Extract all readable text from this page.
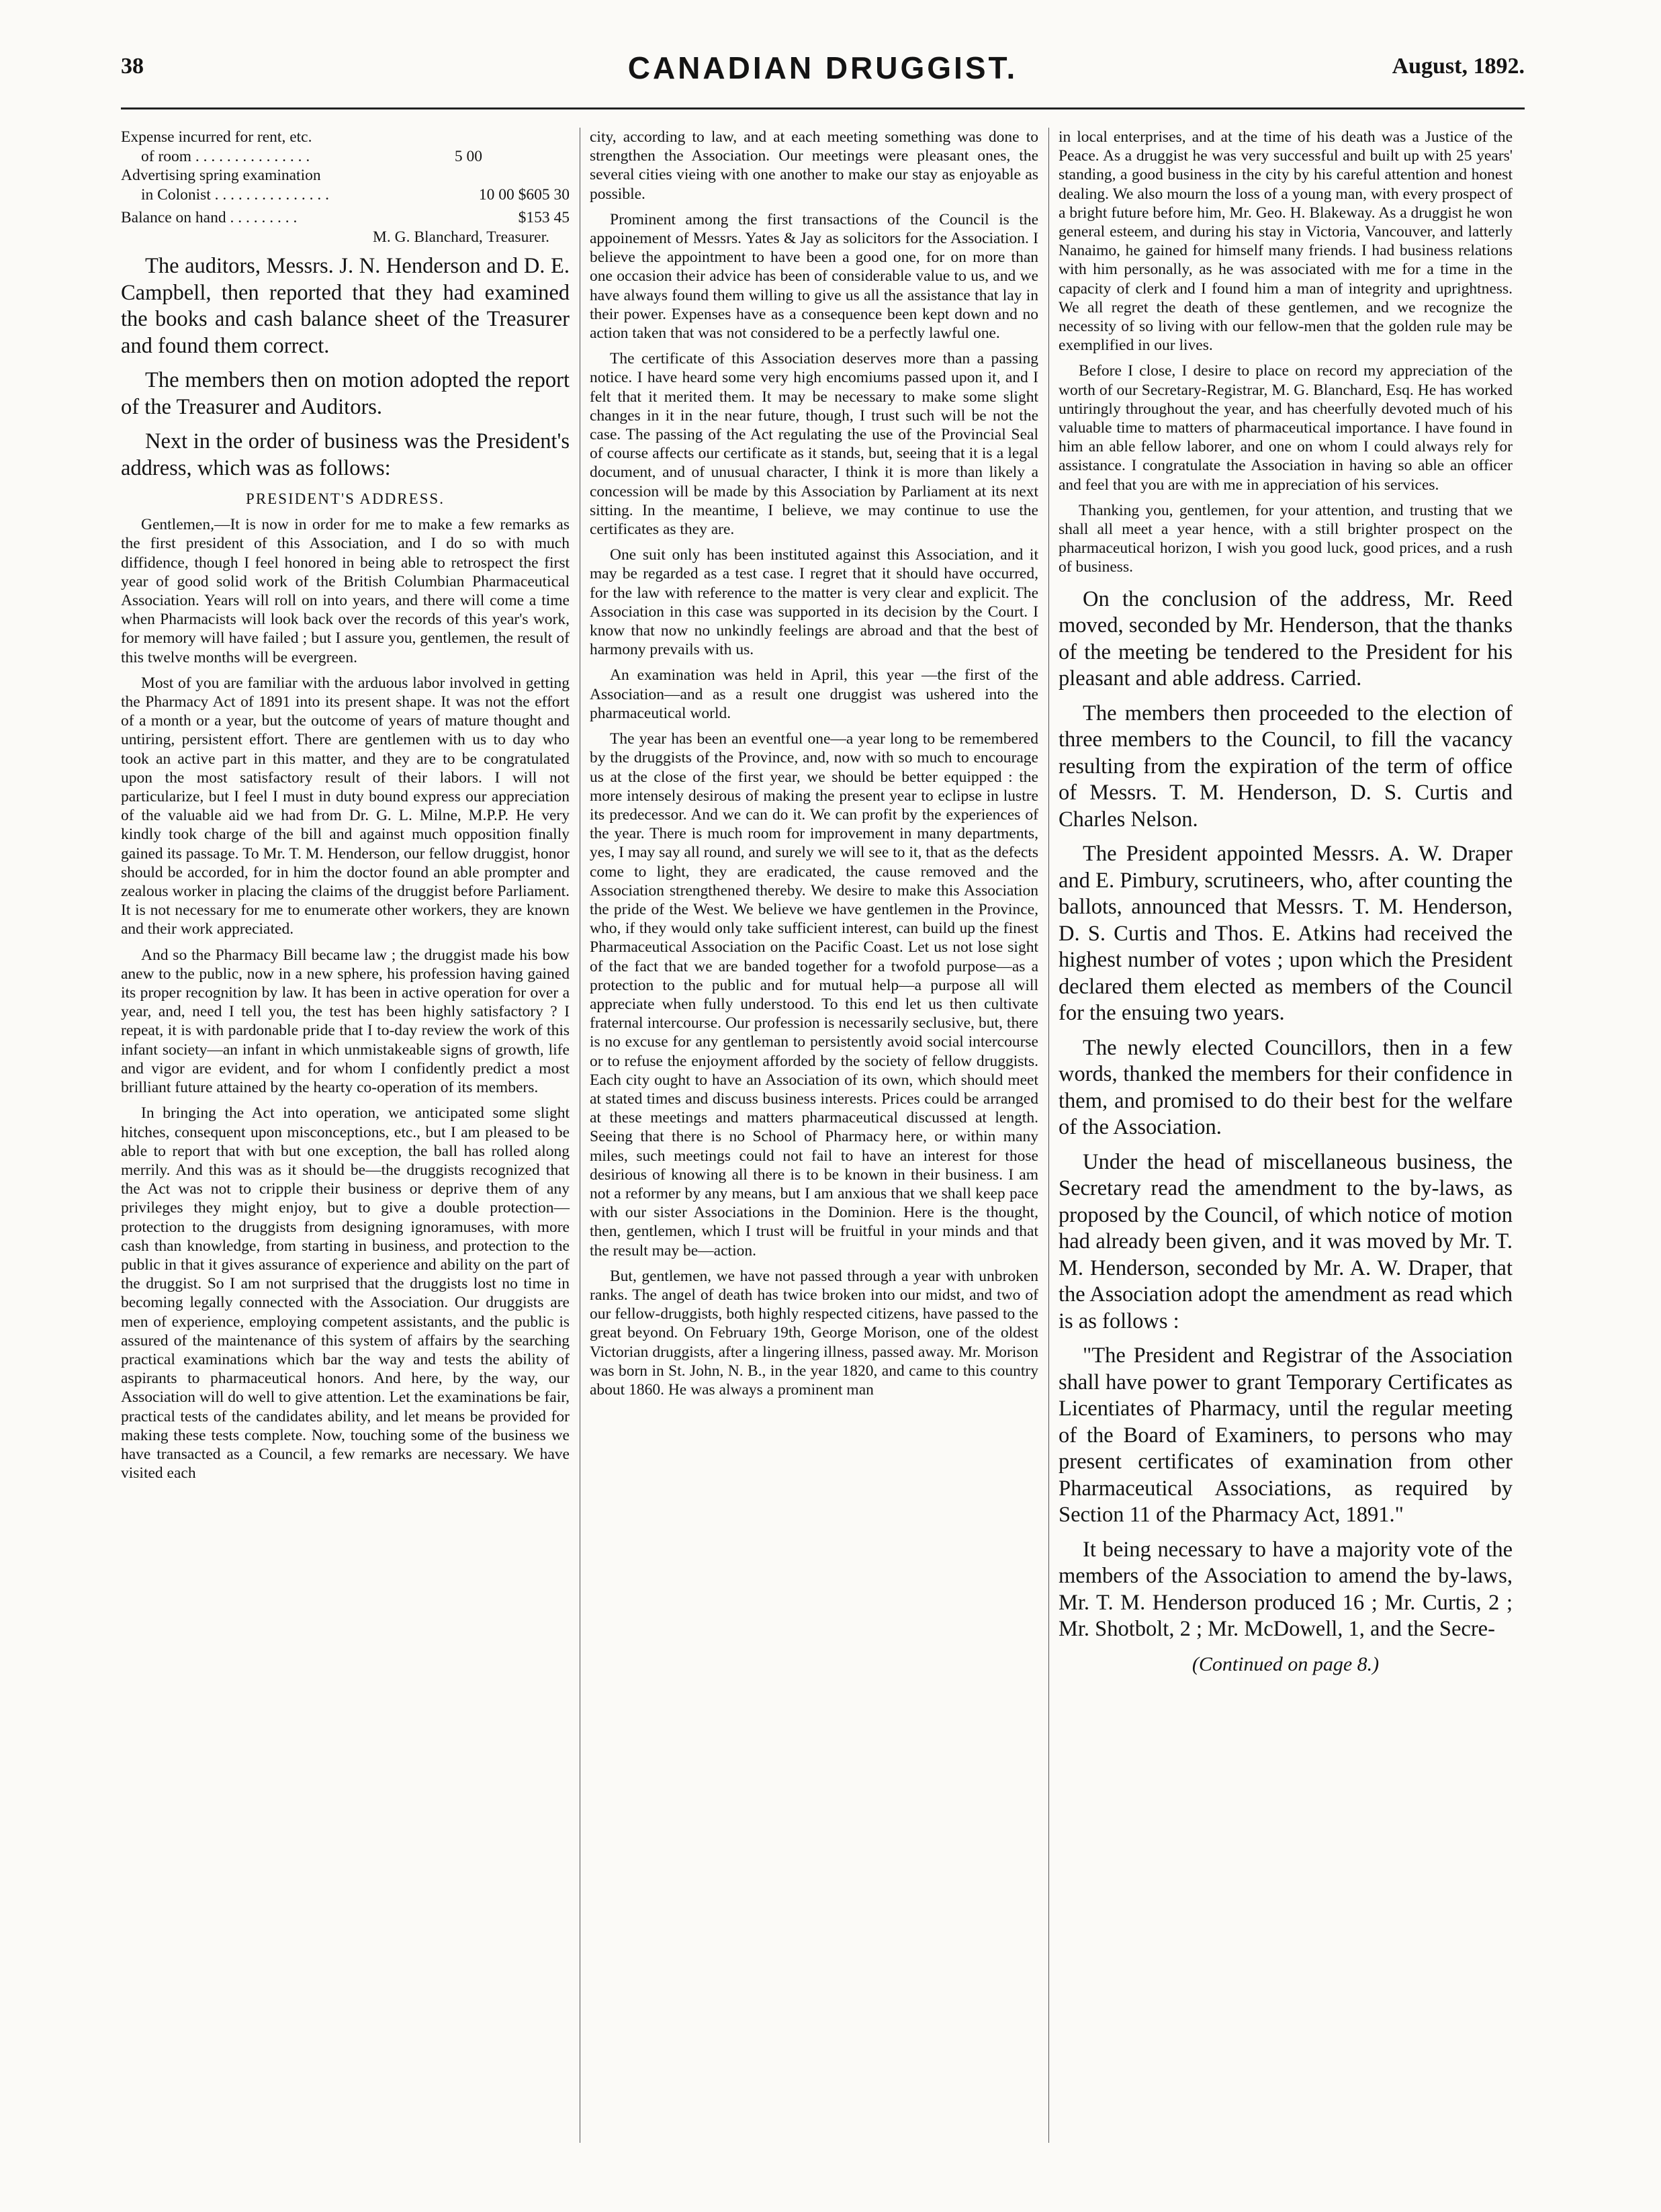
38	CANADIAN DRUGGIST.	August, 1892.
Expense incurred for rent, etc.
of room . . . . . . . . . . . . . . .	5 00
Advertising spring examination
in Colonist . . . . . . . . . . . . . . .	10 00 $605 30
Balance on hand . . . . . . . . .	$153 45
M. G. Blanchard, Treasurer.

The auditors, Messrs. J. N. Henderson and D. E. Campbell, then reported that they had examined the books and cash balance sheet of the Treasurer and found them correct.

The members then on motion adopted the report of the Treasurer and Auditors.

Next in the order of business was the President's address, which was as follows:

PRESIDENT'S ADDRESS.

Gentlemen,—It is now in order for me to make a few remarks as the first president of this Association, and I do so with much diffidence, though I feel honored in being able to retrospect the first year of good solid work of the British Columbian Pharmaceutical Association. Years will roll on into years, and there will come a time when Pharmacists will look back over the records of this year's work, for memory will have failed ; but I assure you, gentlemen, the result of this twelve months will be evergreen.

Most of you are familiar with the arduous labor involved in getting the Pharmacy Act of 1891 into its present shape. It was not the effort of a month or a year, but the outcome of years of mature thought and untiring, persistent effort. There are gentlemen with us to day who took an active part in this matter, and they are to be congratulated upon the most satisfactory result of their labors. I will not particularize, but I feel I must in duty bound express our appreciation of the valuable aid we had from Dr. G. L. Milne, M.P.P. He very kindly took charge of the bill and against much opposition finally gained its passage. To Mr. T. M. Henderson, our fellow druggist, honor should be accorded, for in him the doctor found an able prompter and zealous worker in placing the claims of the druggist before Parliament. It is not necessary for me to enumerate other workers, they are known and their work appreciated.

And so the Pharmacy Bill became law ; the druggist made his bow anew to the public, now in a new sphere, his profession having gained its proper recognition by law. It has been in active operation for over a year, and, need I tell you, the test has been highly satisfactory ? I repeat, it is with pardonable pride that I to-day review the work of this infant society—an infant in which unmistakeable signs of growth, life and vigor are evident, and for whom I confidently predict a most brilliant future attained by the hearty co-operation of its members.

In bringing the Act into operation, we anticipated some slight hitches, consequent upon misconceptions, etc., but I am pleased to be able to report that with but one exception, the ball has rolled along merrily. And this was as it should be—the druggists recognized that the Act was not to cripple their business or deprive them of any privileges they might enjoy, but to give a double protection—protection to the druggists from designing ignoramuses, with more cash than knowledge, from starting in business, and protection to the public in that it gives assurance of experience and ability on the part of the druggist. So I am not surprised that the druggists lost no time in becoming legally connected with the Association. Our druggists are men of experience, employing competent assistants, and the public is assured of the maintenance of this system of affairs by the searching practical examinations which bar the way and tests the ability of aspirants to pharmaceutical honors. And here, by the way, our Association will do well to give attention. Let the examinations be fair, practical tests of the candidates ability, and let means be provided for making these tests complete. Now, touching some of the business we have transacted as a Council, a few remarks are necessary. We have visited each

city, according to law, and at each meeting something was done to strengthen the Association. Our meetings were pleasant ones, the several cities vieing with one another to make our stay as enjoyable as possible.

Prominent among the first transactions of the Council is the appoinement of Messrs. Yates & Jay as solicitors for the Association. I believe the appointment to have been a good one, for on more than one occasion their advice has been of considerable value to us, and we have always found them willing to give us all the assistance that lay in their power. Expenses have as a consequence been kept down and no action taken that was not considered to be a perfectly lawful one.

The certificate of this Association deserves more than a passing notice. I have heard some very high encomiums passed upon it, and I felt that it merited them. It may be necessary to make some slight changes in it in the near future, though, I trust such will be not the case. The passing of the Act regulating the use of the Provincial Seal of course affects our certificate as it stands, but, seeing that it is a legal document, and of unusual character, I think it is more than likely a concession will be made by this Association by Parliament at its next sitting. In the meantime, I believe, we may continue to use the certificates as they are.

One suit only has been instituted against this Association, and it may be regarded as a test case. I regret that it should have occurred, for the law with reference to the matter is very clear and explicit. The Association in this case was supported in its decision by the Court. I know that now no unkindly feelings are abroad and that the best of harmony prevails with us.

An examination was held in April, this year —the first of the Association—and as a result one druggist was ushered into the pharmaceutical world.

The year has been an eventful one—a year long to be remembered by the druggists of the Province, and, now with so much to encourage us at the close of the first year, we should be better equipped : the more intensely desirous of making the present year to eclipse in lustre its predecessor. And we can do it. We can profit by the experiences of the year. There is much room for improvement in many departments, yes, I may say all round, and surely we will see to it, that as the defects come to light, they are eradicated, the cause removed and the Association strengthened thereby. We desire to make this Association the pride of the West. We believe we have gentlemen in the Province, who, if they would only take sufficient interest, can build up the finest Pharmaceutical Association on the Pacific Coast. Let us not lose sight of the fact that we are banded together for a twofold purpose—as a protection to the public and for mutual help—a purpose all will appreciate when fully understood. To this end let us then cultivate fraternal intercourse. Our profession is necessarily seclusive, but, there is no excuse for any gentleman to persistently avoid social intercourse or to refuse the enjoyment afforded by the society of fellow druggists. Each city ought to have an Association of its own, which should meet at stated times and discuss business interests. Prices could be arranged at these meetings and matters pharmaceutical discussed at length. Seeing that there is no School of Pharmacy here, or within many miles, such meetings could not fail to have an interest for those desirious of knowing all there is to be known in their business. I am not a reformer by any means, but I am anxious that we shall keep pace with our sister Associations in the Dominion. Here is the thought, then, gentlemen, which I trust will be fruitful in your minds and that the result may be—action.

But, gentlemen, we have not passed through a year with unbroken ranks. The angel of death has twice broken into our midst, and two of our fellow-druggists, both highly respected citizens, have passed to the great beyond. On February 19th, George Morison, one of the oldest Victorian druggists, after a lingering illness, passed away. Mr. Morison was born in St. John, N. B., in the year 1820, and came to this country about 1860. He was always a prominent man

in local enterprises, and at the time of his death was a Justice of the Peace. As a druggist he was very successful and built up with 25 years' standing, a good business in the city by his careful attention and honest dealing. We also mourn the loss of a young man, with every prospect of a bright future before him, Mr. Geo. H. Blakeway. As a druggist he won general esteem, and during his stay in Victoria, Vancouver, and latterly Nanaimo, he gained for himself many friends. I had business relations with him personally, as he was associated with me for a time in the capacity of clerk and I found him a man of integrity and uprightness. We all regret the death of these gentlemen, and we recognize the necessity of so living with our fellow-men that the golden rule may be exemplified in our lives.

Before I close, I desire to place on record my appreciation of the worth of our Secretary-Registrar, M. G. Blanchard, Esq. He has worked untiringly throughout the year, and has cheerfully devoted much of his valuable time to matters of pharmaceutical importance. I have found in him an able fellow laborer, and one on whom I could always rely for assistance. I congratulate the Association in having so able an officer and feel that you are with me in appreciation of his services.

Thanking you, gentlemen, for your attention, and trusting that we shall all meet a year hence, with a still brighter prospect on the pharmaceutical horizon, I wish you good luck, good prices, and a rush of business.

On the conclusion of the address, Mr. Reed moved, seconded by Mr. Henderson, that the thanks of the meeting be tendered to the President for his pleasant and able address. Carried.

The members then proceeded to the election of three members to the Council, to fill the vacancy resulting from the expiration of the term of office of Messrs. T. M. Henderson, D. S. Curtis and Charles Nelson.

The President appointed Messrs. A. W. Draper and E. Pimbury, scrutineers, who, after counting the ballots, announced that Messrs. T. M. Henderson, D. S. Curtis and Thos. E. Atkins had received the highest number of votes ; upon which the President declared them elected as members of the Council for the ensuing two years.

The newly elected Councillors, then in a few words, thanked the members for their confidence in them, and promised to do their best for the welfare of the Association.

Under the head of miscellaneous business, the Secretary read the amendment to the by-laws, as proposed by the Council, of which notice of motion had already been given, and it was moved by Mr. T. M. Henderson, seconded by Mr. A. W. Draper, that the Association adopt the amendment as read which is as follows :

"The President and Registrar of the Association shall have power to grant Temporary Certificates as Licentiates of Pharmacy, until the regular meeting of the Board of Examiners, to persons who may present certificates of examination from other Pharmaceutical Associations, as required by Section 11 of the Pharmacy Act, 1891."

It being necessary to have a majority vote of the members of the Association to amend the by-laws, Mr. T. M. Henderson produced 16 ; Mr. Curtis, 2 ; Mr. Shotbolt, 2 ; Mr. McDowell, 1, and the Secre-

(Continued on page 8.)
